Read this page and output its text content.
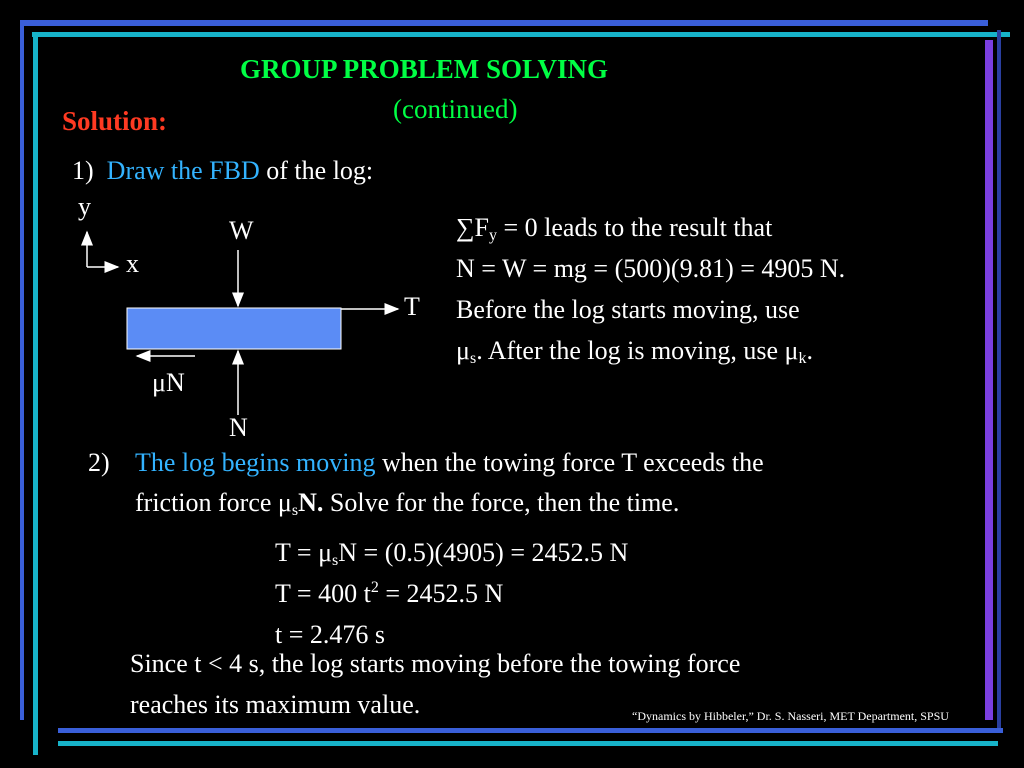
GROUP PROBLEM SOLVING
(continued)
Solution:
1) Draw the FBD of the log:
y
x
W
T
μN
N
$\sum F_y = 0$ leads to the result that
N = W = mg = (500)(9.81) = 4905 N.
Before the log starts moving, use
$\mu_s$. After the log is moving, use $\mu_k$.
2) The log begins moving when the towing force T exceeds the
friction force $\mu_sN$. Solve for the force, then the time.
$T = \mu_sN = (0.5)(4905) = 2452.5$ N
T = 400 $t^2 = 2452.5$ N
t = 2.476 s
Since t < 4 s, the log starts moving before the towing force
reaches its maximum value.	“Dynamics by Hibbeler,” Dr. S. Nasseri, MET Department, SPSU
